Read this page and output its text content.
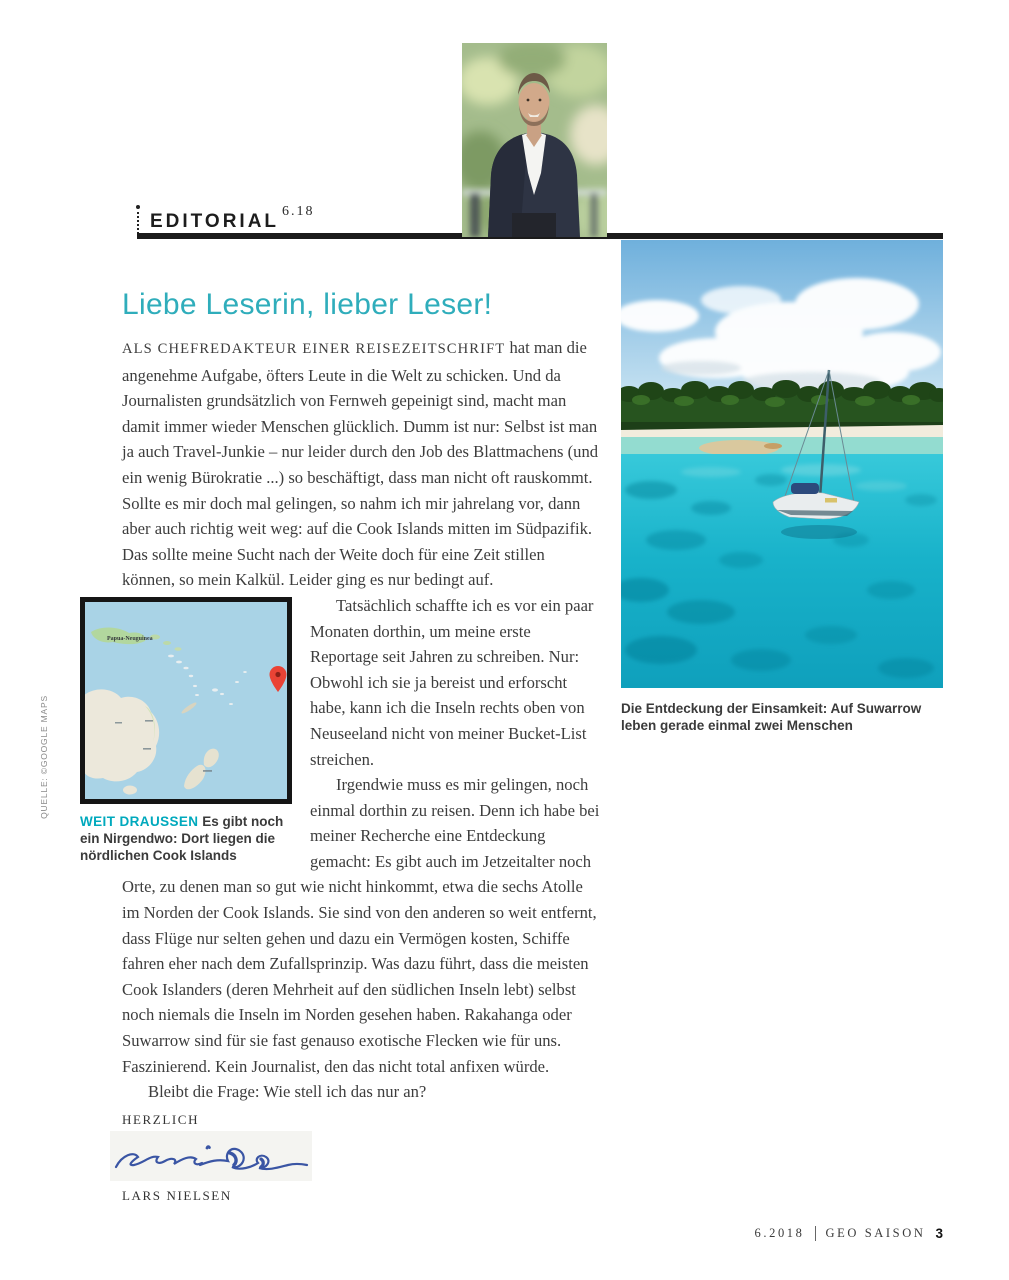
EDITORIAL 6.18
Die Entdeckung der Einsamkeit: Auf Suwarrow leben gerade einmal zwei Menschen
QUELLE: ©GOOGLE MAPS
Liebe Leserin, lieber Leser!

ALS CHEFREDAKTEUR EINER REISEZEITSCHRIFT hat man die angenehme Aufgabe, öfters Leute in die Welt zu schicken. Und da Journalisten grundsätzlich von Fernweh gepeinigt sind, macht man damit immer wieder Menschen glücklich. Dumm ist nur: Selbst ist man ja auch Travel-Junkie – nur leider durch den Job des Blattmachens (und ein wenig Bürokratie ...) so beschäftigt, dass man nicht oft rauskommt. Sollte es mir doch mal gelingen, so nahm ich mir jahrelang vor, dann aber auch richtig weit weg: auf die Cook Islands mitten im Südpazifik. Das sollte meine Sucht nach der Weite doch für eine Zeit stillen können, so mein Kalkül. Leider ging es nur bedingt auf.

Papua-Neuguinea
WEIT DRAUSSEN Es gibt noch ein Nirgendwo: Dort liegen die nördlichen Cook Islands

Tatsächlich schaffte ich es vor ein paar Monaten dorthin, um meine erste Reportage seit Jahren zu schreiben. Nur: Obwohl ich sie ja bereist und erforscht habe, kann ich die Inseln rechts oben von Neuseeland nicht von meiner Bucket-List streichen.

Irgendwie muss es mir gelingen, noch einmal dorthin zu reisen. Denn ich habe bei meiner Recherche eine Entdeckung gemacht: Es gibt auch im Jetzeitalter noch Orte, zu denen man so gut wie nicht hinkommt, etwa die sechs Atolle im Norden der Cook Islands. Sie sind von den anderen so weit entfernt, dass Flüge nur selten gehen und dazu ein Vermögen kosten, Schiffe fahren eher nach dem Zufallsprinzip. Was dazu führt, dass die meisten Cook Islanders (deren Mehrheit auf den südlichen Inseln lebt) selbst noch niemals die Inseln im Norden gesehen haben. Rakahanga oder Suwarrow sind für sie fast genauso exotische Flecken wie für uns. Faszinierend. Kein Journalist, den das nicht total anfixen würde.

Bleibt die Frage: Wie stell ich das nur an?

HERZLICH
LARS NIELSEN
6.2018 GEO SAISON 3
